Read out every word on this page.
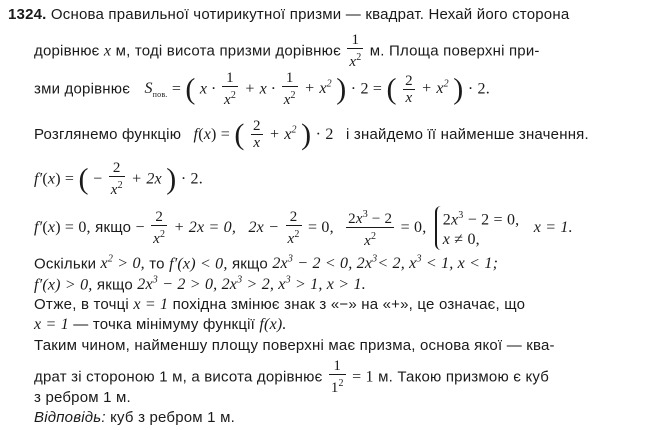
1324. Основа правильної чотирикутної призми — квадрат. Нехай його сторона
дорівнює x м, тоді висота призми дорівнює $\frac{1}{x^2} м$. Площа поверхні при-
зми дорівнює $S_{пов.}$ = ( $x \cdot \frac{1}{x^2} + x \cdot \frac{1}{x^2} + x^2$ ) · 2 = ( $\frac{2}{x} + x^2$ ) · 2.
Розглянемо функцію f(x) = ( $\frac{2}{x} + x^2$ ) · 2 і знайдемо її найменше значення.
f′(x) = ( − $\frac{2}{x^2} + 2x$ ) · 2.
f′(x) = 0, якщо − $\frac{2}{x^2} + 2x = 0$, $2x - \frac{2}{x^2} = 0$, $\frac{2x^3 - 2}{x^2} = 0$, $2x^3 - 2 = 0$,
x ≠ 0,
x = 1.
Оскільки $x^2 > 0$, то f′(x) < 0, якщо $2x^3 - 2 < 0$, $2x^3< 2$, $x^3 < 1$, x < 1;
f′(x) > 0, якщо $2x^3 - 2 > 0$, $2x^3 > 2$, $x^3 > 1$, x > 1.
Отже, в точці x = 1 похідна змінює знак з «−» на «+», це означає, що
x = 1 — точка мінімуму функції f(x).
Таким чином, найменшу площу поверхні має призма, основа якої — ква-
драт зі стороною 1 м, а висота дорівнює $\frac{1}{1^2} = 1$ м. Такою призмою є куб
з ребром 1 м.
Відповідь: куб з ребром 1 м.
